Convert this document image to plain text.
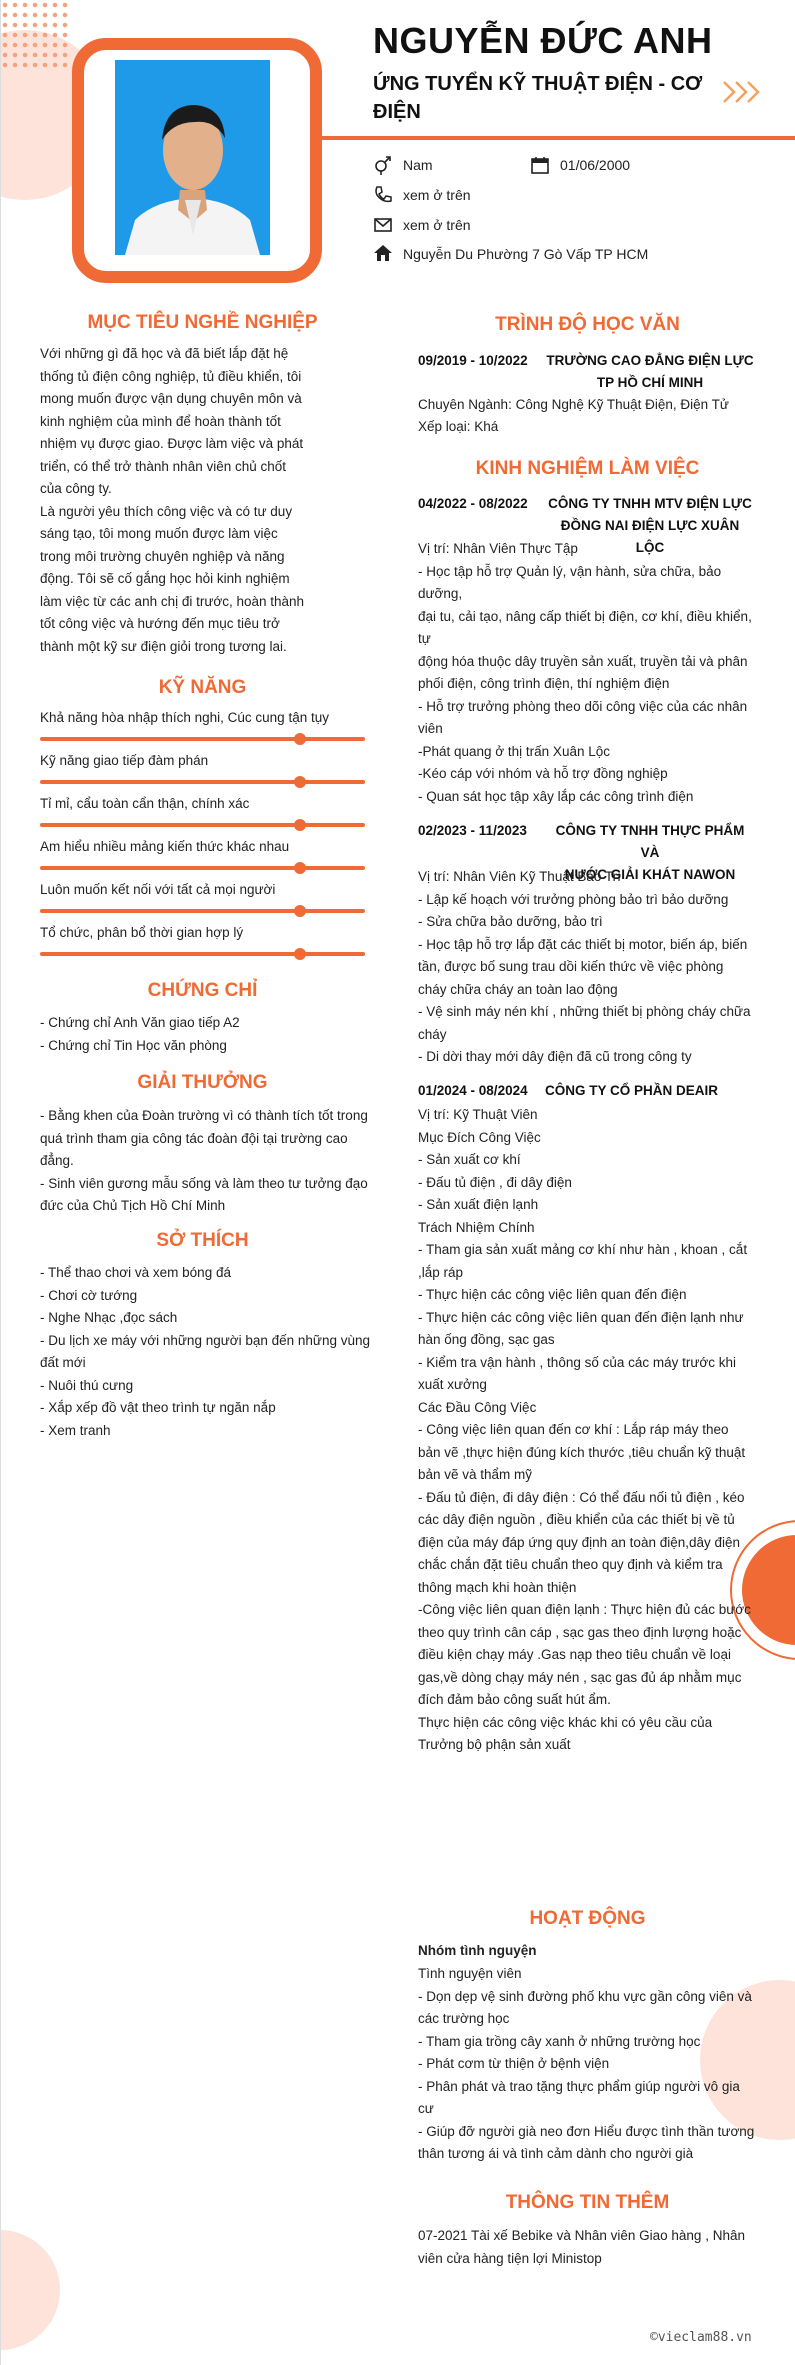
NGUYỄN ĐỨC ANH
ỨNG TUYỂN KỸ THUẬT ĐIỆN - CƠ ĐIỆN
Nam	01/06/2000
xem ở trên
xem ở trên
Nguyễn Du Phường 7 Gò Vấp TP HCM
MỤC TIÊU NGHỀ NGHIỆP
Với những gì đã học và đã biết lắp đặt hệ
thống tủ điện công nghiệp, tủ điều khiển, tôi
mong muốn được vận dụng chuyên môn và
kinh nghiệm của mình để hoàn thành tốt
nhiệm vụ được giao. Được làm việc và phát
triển, có thể trở thành nhân viên chủ chốt
của công ty.
Là người yêu thích công việc và có tư duy
sáng tạo, tôi mong muốn được làm việc
trong môi trường chuyên nghiệp và năng
động. Tôi sẽ cố gắng học hỏi kinh nghiệm
làm việc từ các anh chị đi trước, hoàn thành
tốt công việc và hướng đến mục tiêu trở
thành một kỹ sư điện giỏi trong tương lai.
KỸ NĂNG
Khả năng hòa nhập thích nghi, Cúc cung tận tụy
Kỹ năng giao tiếp đàm phán
Tỉ mỉ, cẩu toàn cẩn thận, chính xác
Am hiểu nhiều mảng kiến thức khác nhau
Luôn muốn kết nối với tất cả mọi người
Tổ chức, phân bổ thời gian hợp lý
CHỨNG CHỈ
- Chứng chỉ Anh Văn giao tiếp A2
- Chứng chỉ Tin Học văn phòng
GIẢI THƯỞNG
- Bằng khen của Đoàn trường vì có thành tích tốt trong
quá trình tham gia công tác đoàn đội tại trường cao
đẳng.
- Sinh viên gương mẫu sống và làm theo tư tưởng đạo
đức của Chủ Tịch Hồ Chí Minh
SỞ THÍCH
- Thể thao chơi và xem bóng đá
- Chơi cờ tướng
- Nghe Nhạc ,đọc sách
- Du lịch xe máy với những người bạn đến những vùng
đất mới
- Nuôi thú cưng
- Xắp xếp đồ vật theo trình tự ngăn nắp
- Xem tranh
TRÌNH ĐỘ HỌC VĂN
09/2019 - 10/2022 TRƯỜNG CAO ĐẲNG ĐIỆN LỰC
TP HỒ CHÍ MINH
Chuyên Ngành: Công Nghệ Kỹ Thuật Điện, Điện Tử
Xếp loại: Khá
KINH NGHIỆM LÀM VIỆC
04/2022 - 08/2022 CÔNG TY TNHH MTV ĐIỆN LỰC
ĐỒNG NAI ĐIỆN LỰC XUÂN LỘC
Vị trí: Nhân Viên Thực Tập
- Học tập hỗ trợ Quản lý, vận hành, sửa chữa, bảo
dưỡng,
đại tu, cải tạo, nâng cấp thiết bị điện, cơ khí, điều khiển,
tự
động hóa thuộc dây truyền sản xuất, truyền tải và phân
phối điện, công trình điện, thí nghiệm điện
- Hỗ trợ trưởng phòng theo dõi công việc của các nhân
viên
-Phát quang ở thị trấn Xuân Lộc
-Kéo cáp với nhóm và hỗ trợ đồng nghiệp
- Quan sát học tập xây lắp các công trình điện
02/2023 - 11/2023	CÔNG TY TNHH THỰC PHẨM VÀ
NƯỚC GIẢI KHÁT NAWON
Vị trí: Nhân Viên Kỹ Thuật Bảo Trì
- Lập kế hoạch với trưởng phòng bảo trì bảo dưỡng
- Sửa chữa bảo dưỡng, bảo trì
- Học tập hỗ trợ lắp đặt các thiết bị motor, biến áp, biến
tần, được bố sung trau dồi kiến thức về việc phòng
cháy chữa cháy an toàn lao động
- Vệ sinh máy nén khí , những thiết bị phòng cháy chữa
cháy
- Di dời thay mới dây điện đã cũ trong công ty
01/2024 - 08/2024 CÔNG TY CỔ PHẦN DEAIR
Vị trí: Kỹ Thuật Viên
Mục Đích Công Việc
- Sản xuất cơ khí
- Đấu tủ điện , đi dây điện
- Sản xuất điện lạnh
Trách Nhiệm Chính
- Tham gia sản xuất mảng cơ khí như hàn , khoan , cắt
,lắp ráp
- Thực hiện các công việc liên quan đến điện
- Thực hiện các công việc liên quan đến điện lạnh như
hàn ống đồng, sạc gas
- Kiểm tra vận hành , thông số của các máy trước khi
xuất xưởng
Các Đầu Công Việc
- Công việc liên quan đến cơ khí : Lắp ráp máy theo
bản vẽ ,thực hiện đúng kích thước ,tiêu chuẩn kỹ thuật
bản vẽ và thẩm mỹ
- Đấu tủ điện, đi dây điện : Có thể đấu nối tủ điện , kéo
các dây điện nguồn , điều khiển của các thiết bị về tủ
điện của máy đáp ứng quy định an toàn điện,dây điện
chắc chắn đặt tiêu chuẩn theo quy định và kiểm tra
thông mạch khi hoàn thiện
-Công việc liên quan điện lạnh : Thực hiện đủ các bước
theo quy trình cân cáp , sạc gas theo định lượng hoặc
điều kiện chạy máy .Gas nạp theo tiêu chuẩn về loại
gas,về dòng chạy máy nén , sạc gas đủ áp nhằm mục
đích đảm bảo công suất hút ẩm.
Thực hiện các công việc khác khi có yêu cầu của
Trưởng bộ phận sản xuất
HOẠT ĐỘNG
Nhóm tình nguyện
Tình nguyện viên
- Dọn dẹp vệ sinh đường phố khu vực gần công viên và
các trường học
- Tham gia trồng cây xanh ở những trường học
- Phát cơm từ thiện ở bệnh viện
- Phân phát và trao tặng thực phẩm giúp người vô gia
cư
- Giúp đỡ người già neo đơn Hiểu được tình thần tương
thân tương ái và tình cảm dành cho người già
THÔNG TIN THÊM
07-2021 Tài xế Bebike và Nhân viên Giao hàng , Nhân
viên cửa hàng tiện lợi Ministop
©vieclam88.vn
